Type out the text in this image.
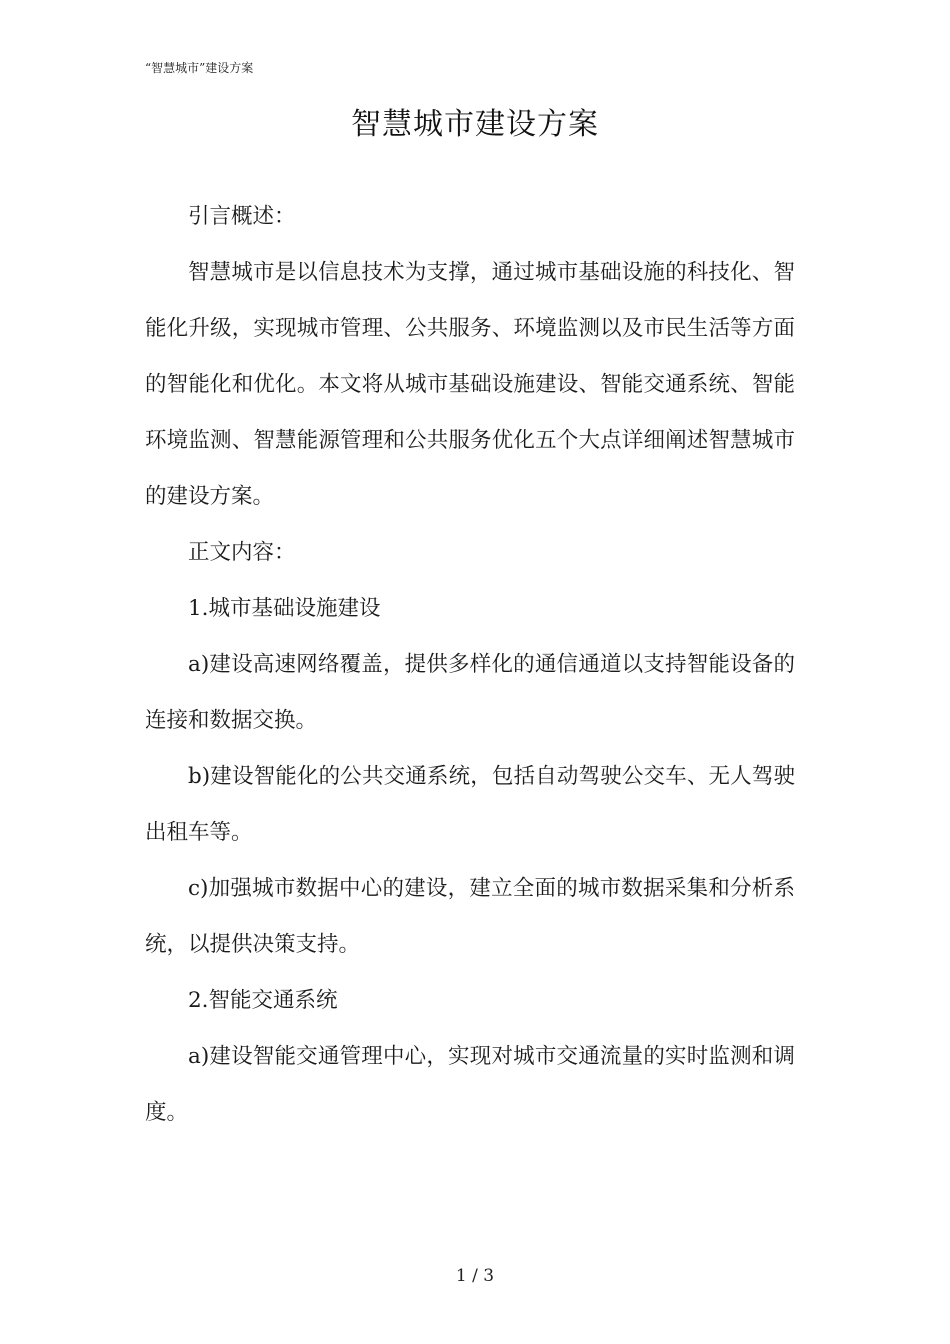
“智慧城市”建设方案
智慧城市建设方案

引言概述：

智慧城市是以信息技术为支撑，通过城市基础设施的科技化、智能化升级，实现城市管理、公共服务、环境监测以及市民生活等方面的智能化和优化。本文将从城市基础设施建设、智能交通系统、智能环境监测、智慧能源管理和公共服务优化五个大点详细阐述智慧城市的建设方案。

正文内容：

1.城市基础设施建设

a)建设高速网络覆盖，提供多样化的通信通道以支持智能设备的连接和数据交换。

b)建设智能化的公共交通系统，包括自动驾驶公交车、无人驾驶出租车等。

c)加强城市数据中心的建设，建立全面的城市数据采集和分析系统，以提供决策支持。

2.智能交通系统

a)建设智能交通管理中心，实现对城市交通流量的实时监测和调度。

1 / 3
